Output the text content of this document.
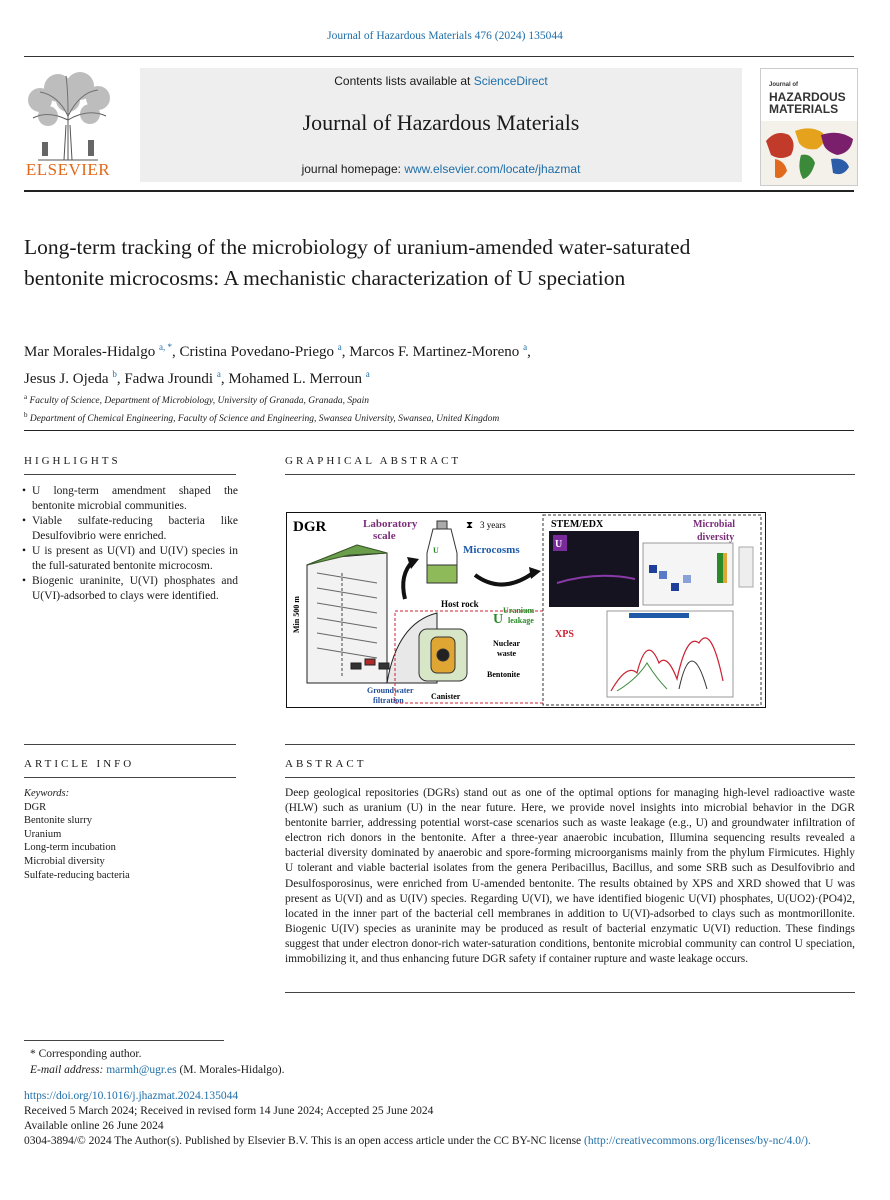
Journal of Hazardous Materials 476 (2024) 135044
ELSEVIER
Contents lists available at ScienceDirect
Journal of Hazardous Materials
journal homepage: www.elsevier.com/locate/jhazmat
Journal of
HAZARDOUS
MATERIALS
Long-term tracking of the microbiology of uranium-amended water-saturated bentonite microcosms: A mechanistic characterization of U speciation
Mar Morales-Hidalgo $^{a, *}$, Cristina Povedano-Priego $^a$, Marcos F. Martinez-Moreno $^a$,
Jesus J. Ojeda $^b$, Fadwa Jroundi $^a$, Mohamed L. Merroun $^a$
$^a$ Faculty of Science, Department of Microbiology, University of Granada, Granada, Spain
$^b$ Department of Chemical Engineering, Faculty of Science and Engineering, Swansea University, Swansea, United Kingdom
HIGHLIGHTS
• U long-term amendment shaped the bentonite microbial communities.
• Viable sulfate-reducing bacteria like Desulfovibrio were enriched.
• U is present as U(VI) and U(IV) species in the full-saturated bentonite microcosm.
• Biogenic uraninite, U(VI) phosphates and U(VI)-adsorbed to clays were identified.
GRAPHICAL ABSTRACT
DGR
Min 500 m
Groundwater
filtration
Laboratory
scale
3 years
⧗
U Microcosms
Host rock
Uranium
leakage
U
Nuclear
waste
Bentonite
Canister
U
STEM/EDX	Microbial
diversity
XPS
ARTICLE INFO
Keywords:
DGR
Bentonite slurry
Uranium
Long-term incubation
Microbial diversity
Sulfate-reducing bacteria
ABSTRACT
Deep geological repositories (DGRs) stand out as one of the optimal options for managing high-level radioactive waste (HLW) such as uranium (U) in the near future. Here, we provide novel insights into microbial behavior in the DGR bentonite barrier, addressing potential worst-case scenarios such as waste leakage (e.g., U) and groundwater infiltration of electron rich donors in the bentonite. After a three-year anaerobic incubation, Illumina sequencing results revealed a bacterial diversity dominated by anaerobic and spore-forming microorganisms mainly from the phylum Firmicutes. Highly U tolerant and viable bacterial isolates from the genera Peribacillus, Bacillus, and some SRB such as Desulfovibrio and Desulfosporosinus, were enriched from U-amended bentonite. The results obtained by XPS and XRD showed that U was present as U(VI) and as U(IV) species. Regarding U(VI), we have identified biogenic U(VI) phosphates, U(UO2)·(PO4)2, located in the inner part of the bacterial cell membranes in addition to U(VI)-adsorbed to clays such as montmorillonite. Biogenic U(IV) species as uraninite may be produced as result of bacterial enzymatic U(VI) reduction. These findings suggest that under electron donor-rich water-saturation conditions, bentonite microbial community can control U speciation, immobilizing it, and thus enhancing future DGR safety if container rupture and waste leakage occurs.
* Corresponding author.
E-mail address: marmh@ugr.es (M. Morales-Hidalgo).
https://doi.org/10.1016/j.jhazmat.2024.135044
Received 5 March 2024; Received in revised form 14 June 2024; Accepted 25 June 2024
Available online 26 June 2024
0304-3894/© 2024 The Author(s). Published by Elsevier B.V. This is an open access article under the CC BY-NC license (http://creativecommons.org/licenses/by-nc/4.0/).
